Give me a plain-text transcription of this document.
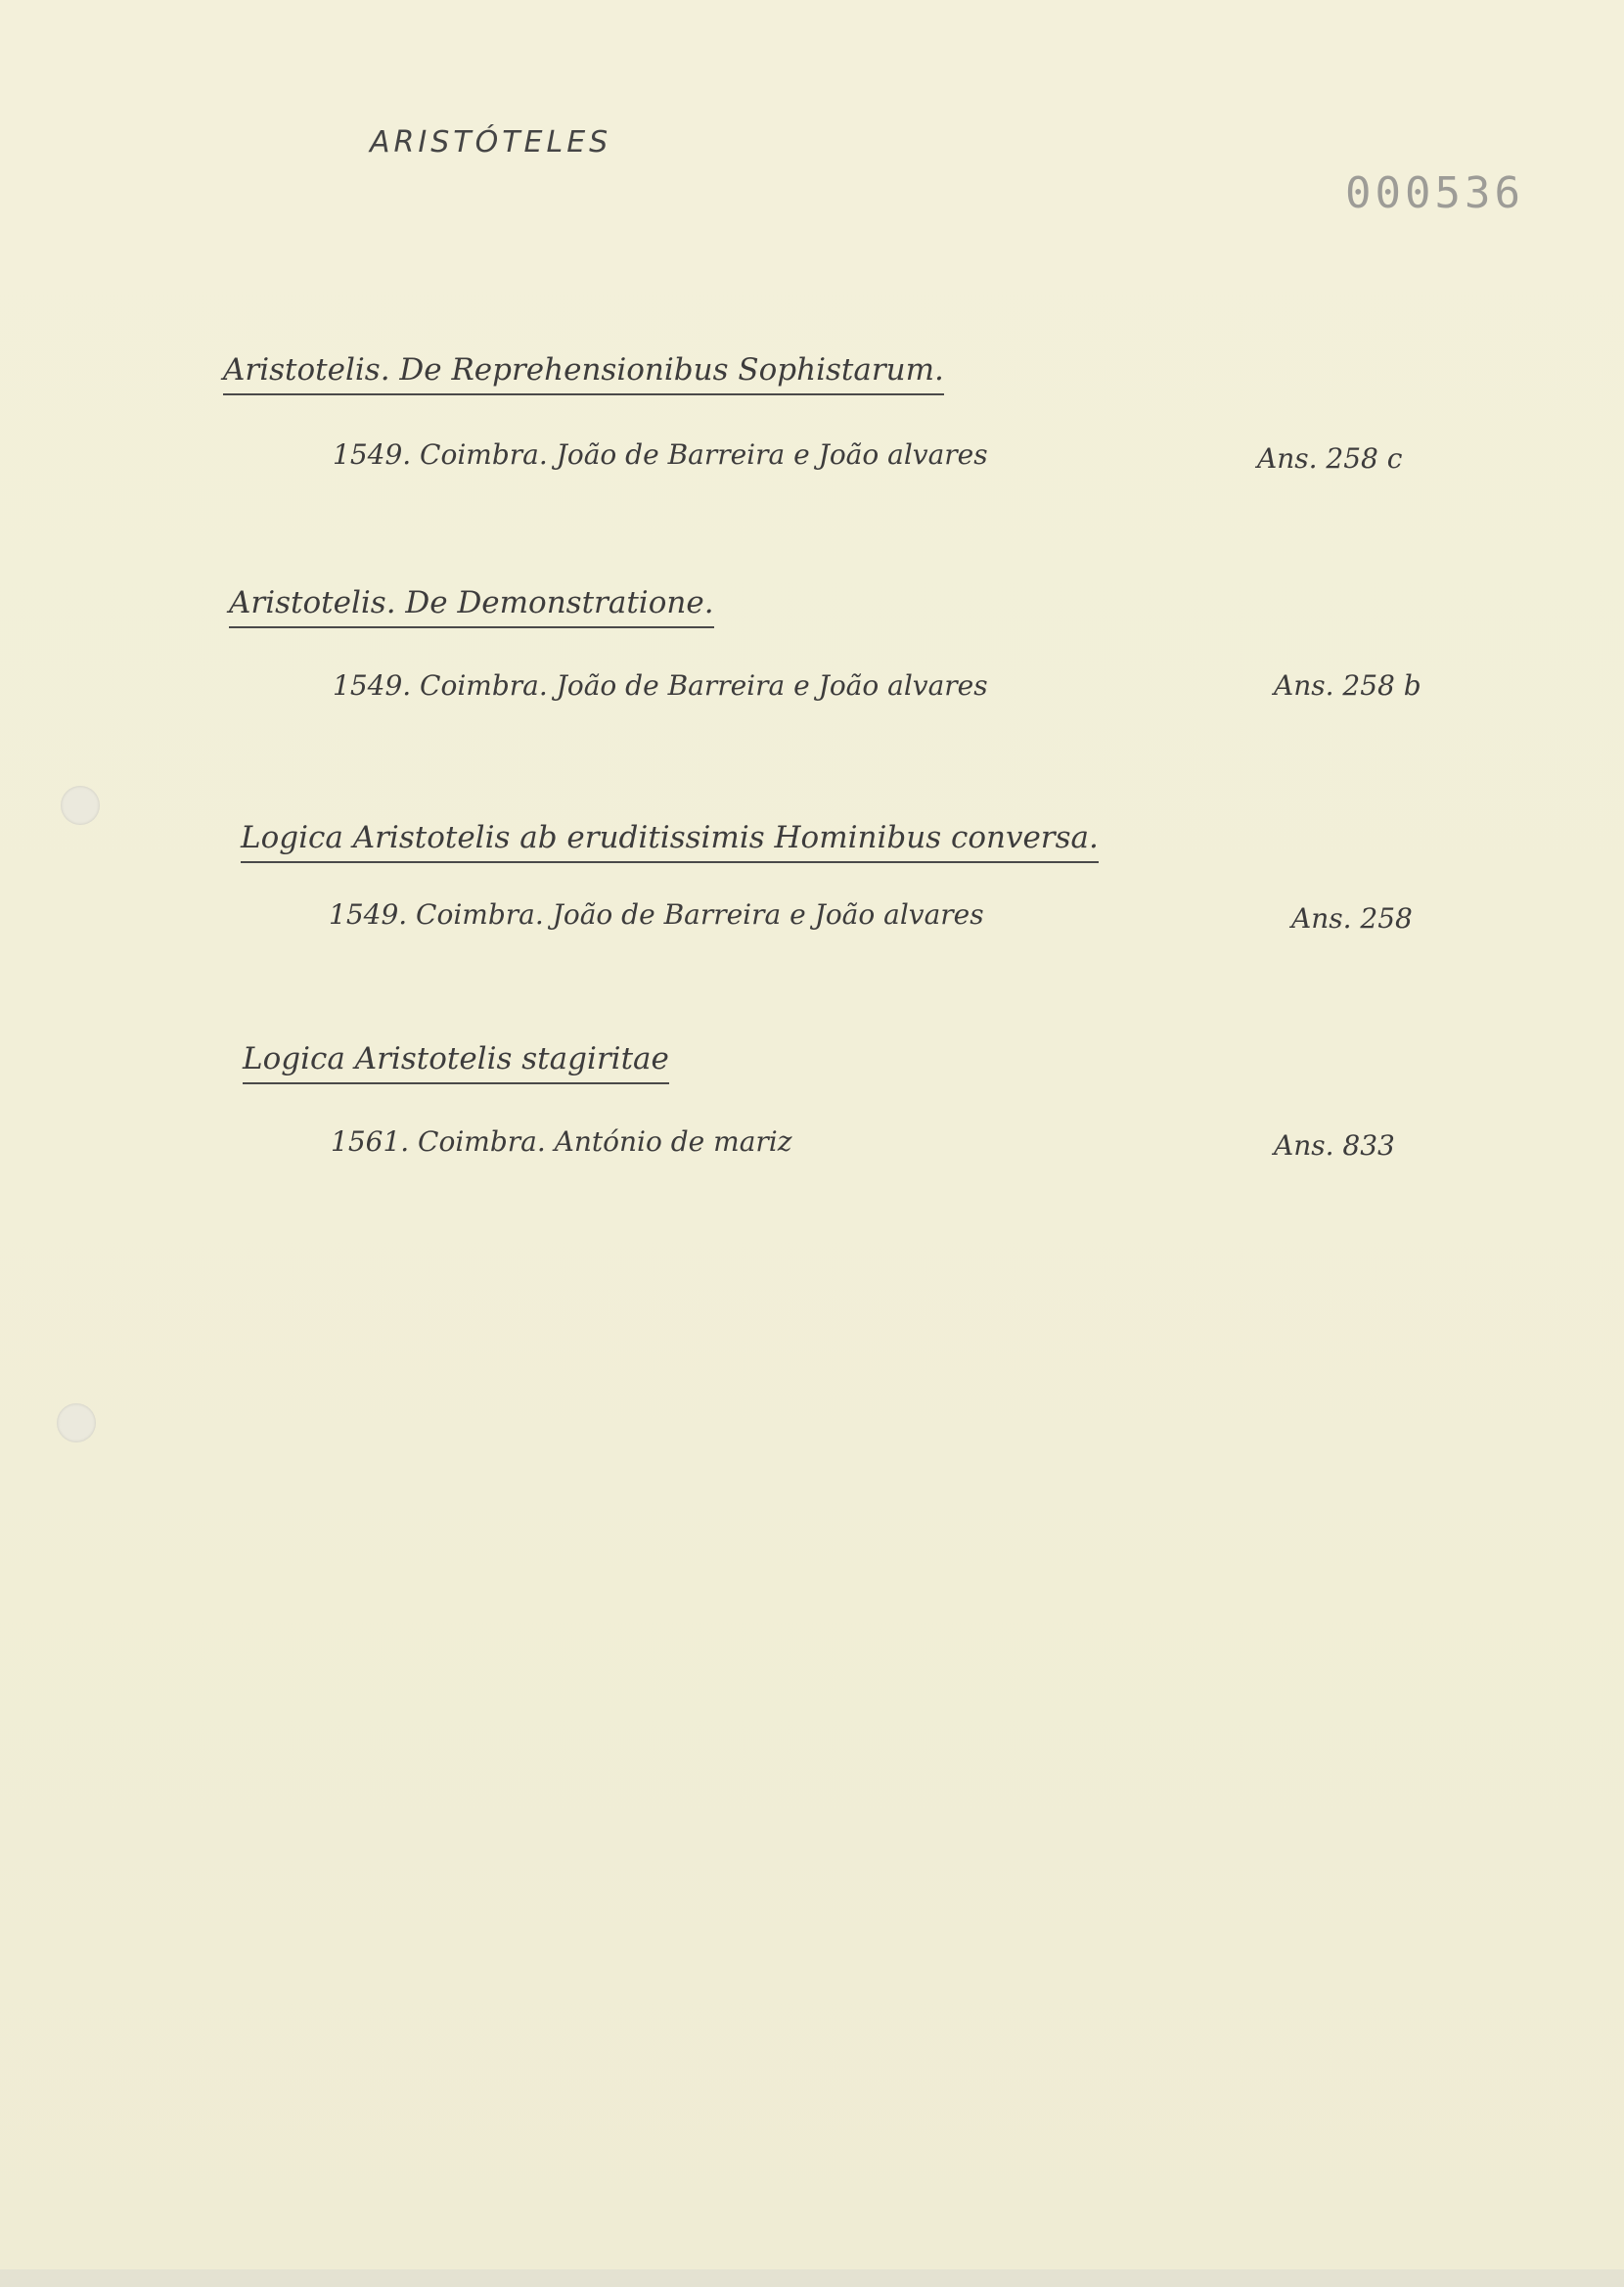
ARISTÓTELES
000536
Aristotelis. De Reprehensionibus Sophistarum.
1549. Coimbra. João de Barreira e João alvares	Ans. 258 c
Aristotelis. De Demonstratione.
1549. Coimbra. João de Barreira e João alvares	Ans. 258 b
Logica Aristotelis ab eruditissimis Hominibus conversa.
1549. Coimbra. João de Barreira e João alvares	Ans. 258
Logica Aristotelis stagiritae
1561. Coimbra. António de mariz	Ans. 833
